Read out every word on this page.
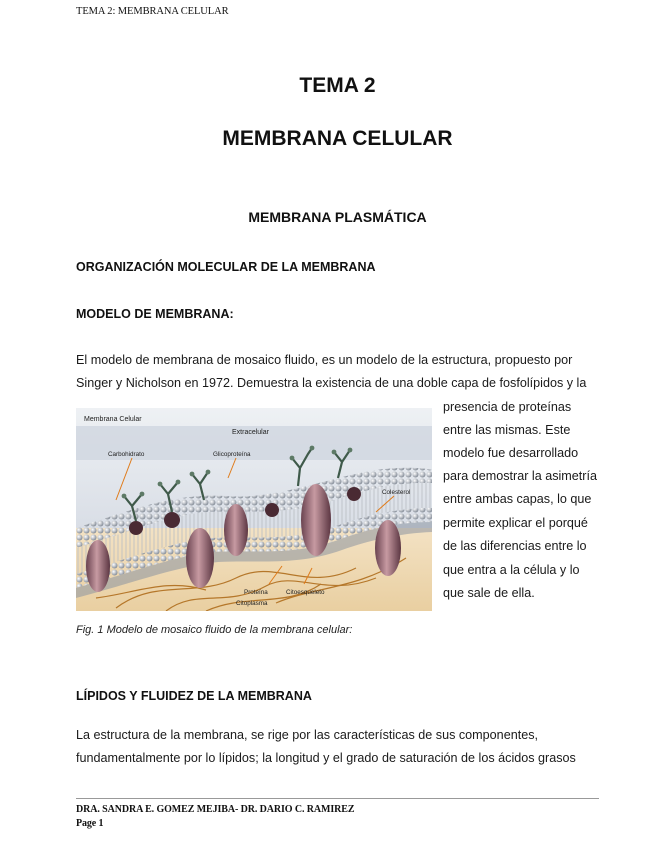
TEMA 2: MEMBRANA CELULAR
TEMA 2
MEMBRANA CELULAR
MEMBRANA PLASMÁTICA
ORGANIZACIÓN MOLECULAR DE LA MEMBRANA
MODELO DE MEMBRANA:
El modelo de membrana de mosaico fluido, es un modelo de la estructura, propuesto por
Singer y Nicholson en 1972. Demuestra la existencia de una doble capa de fosfolípidos y la
presencia de proteínas
entre las mismas. Este
modelo fue desarrollado
para demostrar la asimetría
entre ambas capas, lo que
permite explicar el porqué
de las diferencias entre lo
que entra a la célula y lo
que sale de ella.
Membrana Celular
Extracelular
Carbohidrato	Glicoproteína
Colesterol
Proteína	Citoesqueleto
Citoplasma
Fig. 1 Modelo de mosaico fluido de la membrana celular:
LÍPIDOS Y FLUIDEZ DE LA MEMBRANA
La estructura de la membrana, se rige por las características de sus componentes,
fundamentalmente por lo lípidos; la longitud y el grado de saturación de los ácidos grasos
DRA. SANDRA E. GOMEZ MEJIBA- DR. DARIO C. RAMIREZ
Page 1
